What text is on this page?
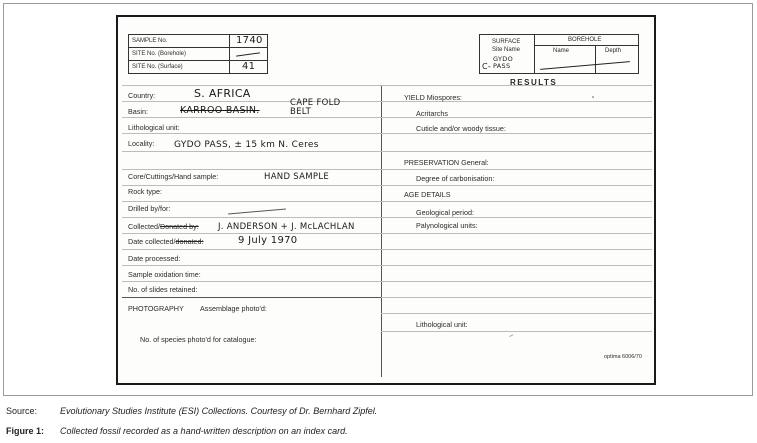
SAMPLE No.	1740
SITE No. (Borehole)
SITE No. (Surface)	41
SURFACE
Site Name
C-
GYDO PASS
BOREHOLE
Name	Depth
RESULTS
Country:	S. AFRICA
Basin:	KARROO BASIN.
CAPE FOLD BELT
Lithological unit:
Locality: GYDO PASS, ± 15 km N. Ceres
Core/Cuttings/Hand sample:	HAND SAMPLE
Rock type:
Drilled by/for:
Collected/Donated by: J. ANDERSON + J. McLACHLAN
Date collected/donated:	9 July 1970
Date processed:
Sample oxidation time:
No. of slides retained:
PHOTOGRAPHY Assemblage photo'd:
No. of species photo'd for catalogue:
YIELD Miospores:
Acritarchs
Cuticle and/or woody tissue:
PRESERVATION General:
Degree of carbonisation:
AGE DETAILS
Geological period:
Palynological units:
Lithological unit:
optima 6006/70
Source:	Evolutionary Studies Institute (ESI) Collections. Courtesy of Dr. Bernhard Zipfel.
Figure 1: Collected fossil recorded as a hand-written description on an index card.
